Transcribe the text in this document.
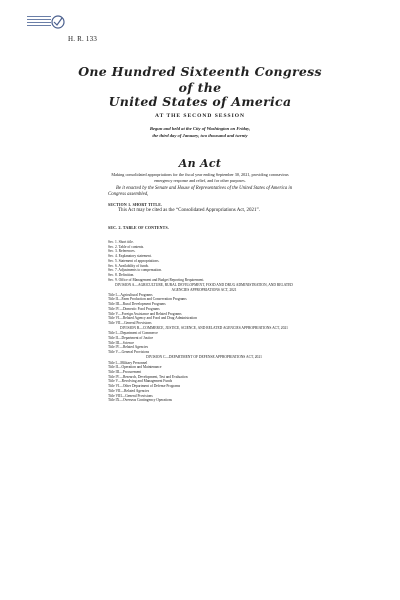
H. R. 133
One Hundred Sixteenth Congress
of the
United States of America
AT THE SECOND SESSION
Begun and held at the City of Washington on Friday,
the third day of January, two thousand and twenty
An Act
Making consolidated appropriations for the fiscal year ending September 30, 2021, providing coronavirus emergency response and relief, and for other purposes.
Be it enacted by the Senate and House of Representatives of the United States of America in Congress assembled,
SECTION 1. SHORT TITLE.
This Act may be cited as the “Consolidated Appropriations Act, 2021”.
SEC. 2. TABLE OF CONTENTS.
Sec. 1. Short title.
Sec. 2. Table of contents.
Sec. 3. References.
Sec. 4. Explanatory statement.
Sec. 5. Statement of appropriations.
Sec. 6. Availability of funds.
Sec. 7. Adjustments to compensation.
Sec. 8. Definition.
Sec. 9. Office of Management and Budget Reporting Requirement.
DIVISION A—AGRICULTURE, RURAL DEVELOPMENT, FOOD AND DRUG ADMINISTRATION, AND RELATED AGENCIES APPROPRIATIONS ACT, 2021
Title I—Agricultural Programs
Title II—Farm Production and Conservation Programs
Title III—Rural Development Programs
Title IV—Domestic Food Programs
Title V—Foreign Assistance and Related Programs
Title VI—Related Agency and Food and Drug Administration
Title VII—General Provisions
DIVISION B—COMMERCE, JUSTICE, SCIENCE, AND RELATED AGENCIES APPROPRIATIONS ACT, 2021
Title I—Department of Commerce
Title II—Department of Justice
Title III—Science
Title IV—Related Agencies
Title V—General Provisions
DIVISION C—DEPARTMENT OF DEFENSE APPROPRIATIONS ACT, 2021
Title I—Military Personnel
Title II—Operation and Maintenance
Title III—Procurement
Title IV—Research, Development, Test and Evaluation
Title V—Revolving and Management Funds
Title VI—Other Department of Defense Programs
Title VII—Related Agencies
Title VIII—General Provisions
Title IX—Overseas Contingency Operations
